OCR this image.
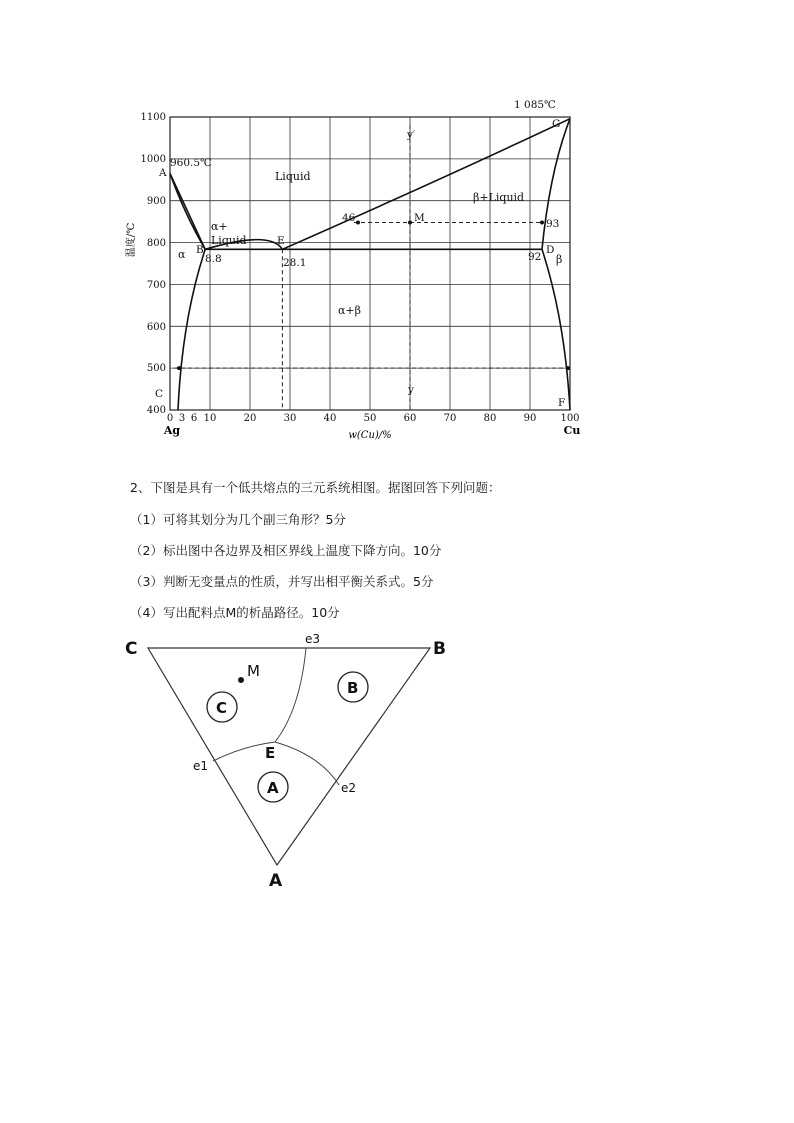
1100
1000
900
800
700
600
500
400
0 3 6 10	20	30	40	50	60	70	80	90 100
Ag	Cu
w(Cu)/%
温度/℃
Liquid
α+
Liquid
β+Liquid
α	β
α+β
A
B
C
D
E
F
G
M
y′
y
960.5℃
1 085℃
8.8	28.1	92
46	93
2、下图是具有一个低共熔点的三元系统相图。据图回答下列问题：
（1）可将其划分为几个副三角形？5分
（2）标出图中各边界及相区界线上温度下降方向。10分
（3）判断无变量点的性质，并写出相平衡关系式。5分
（4）写出配料点M的析晶路径。10分
C	B
A
E
C
B
A
M
e3
e1
e2
